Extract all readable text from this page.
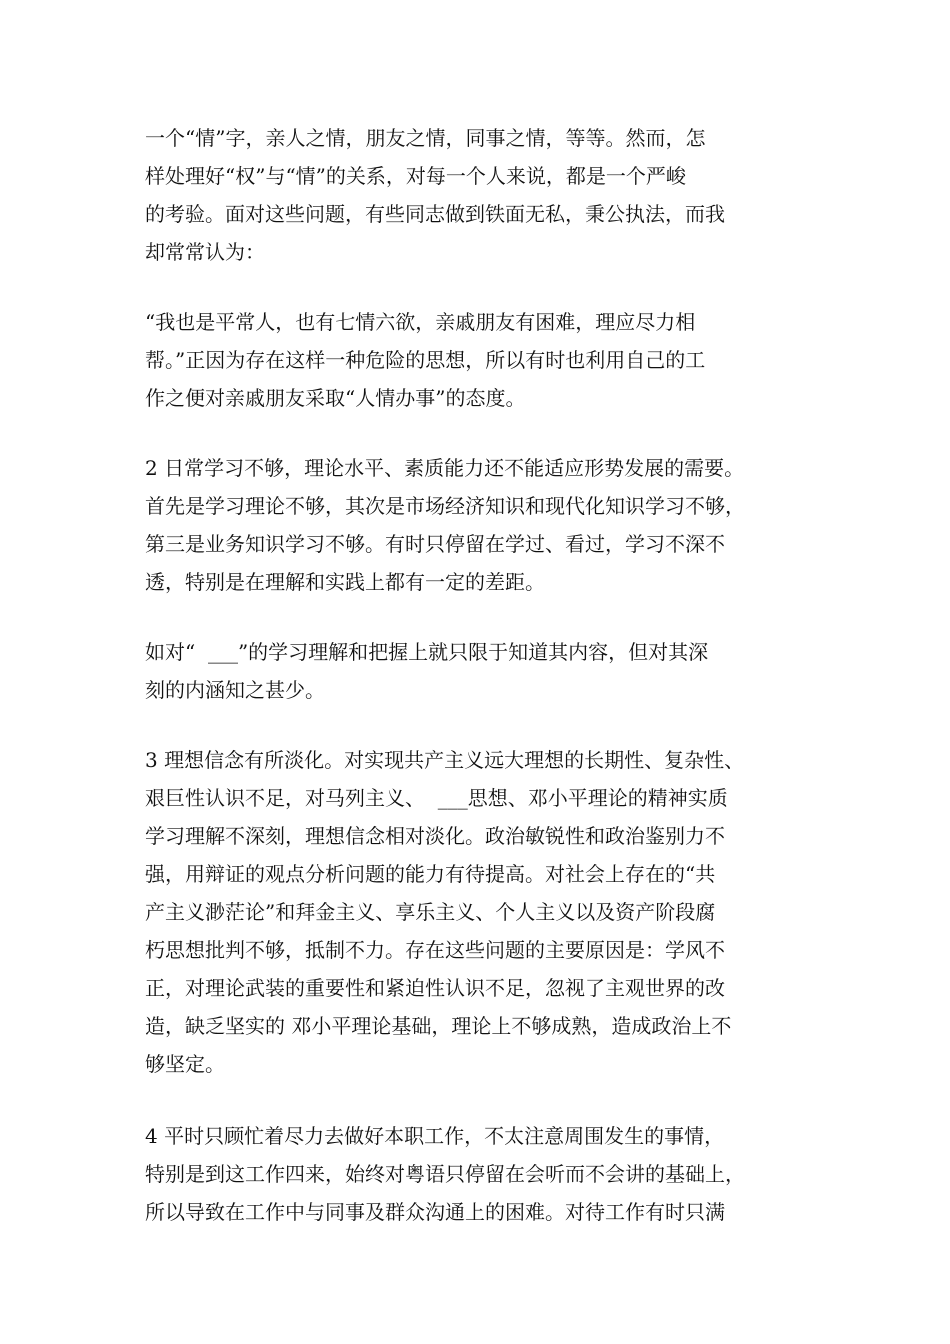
一个“情”字，亲人之情，朋友之情，同事之情，等等。然而，怎
样处理好“权”与“情”的关系，对每一个人来说，都是一个严峻
的考验。面对这些问题，有些同志做到铁面无私，秉公执法，而我
却常常认为：
“我也是平常人，也有七情六欲，亲戚朋友有困难，理应尽力相
帮。”正因为存在这样一种危险的思想，所以有时也利用自己的工
作之便对亲戚朋友采取“人情办事”的态度。
2 日常学习不够，理论水平、素质能力还不能适应形势发展的需要。
首先是学习理论不够，其次是市场经济知识和现代化知识学习不够，
第三是业务知识学习不够。有时只停留在学过、看过，学习不深不
透，特别是在理解和实践上都有一定的差距。
如对“  ___”的学习理解和把握上就只限于知道其内容，但对其深
刻的内涵知之甚少。
3 理想信念有所淡化。对实现共产主义远大理想的长期性、复杂性、
艰巨性认识不足，对马列主义、  ___思想、邓小平理论的精神实质
学习理解不深刻，理想信念相对淡化。政治敏锐性和政治鉴别力不
强，用辩证的观点分析问题的能力有待提高。对社会上存在的“共
产主义渺茫论”和拜金主义、享乐主义、个人主义以及资产阶段腐
朽思想批判不够，抵制不力。存在这些问题的主要原因是：学风不
正，对理论武装的重要性和紧迫性认识不足，忽视了主观世界的改
造，缺乏坚实的 邓小平理论基础，理论上不够成熟，造成政治上不
够坚定。
4 平时只顾忙着尽力去做好本职工作，不太注意周围发生的事情，
特别是到这工作四来，始终对粤语只停留在会听而不会讲的基础上，
所以导致在工作中与同事及群众沟通上的困难。对待工作有时只满
